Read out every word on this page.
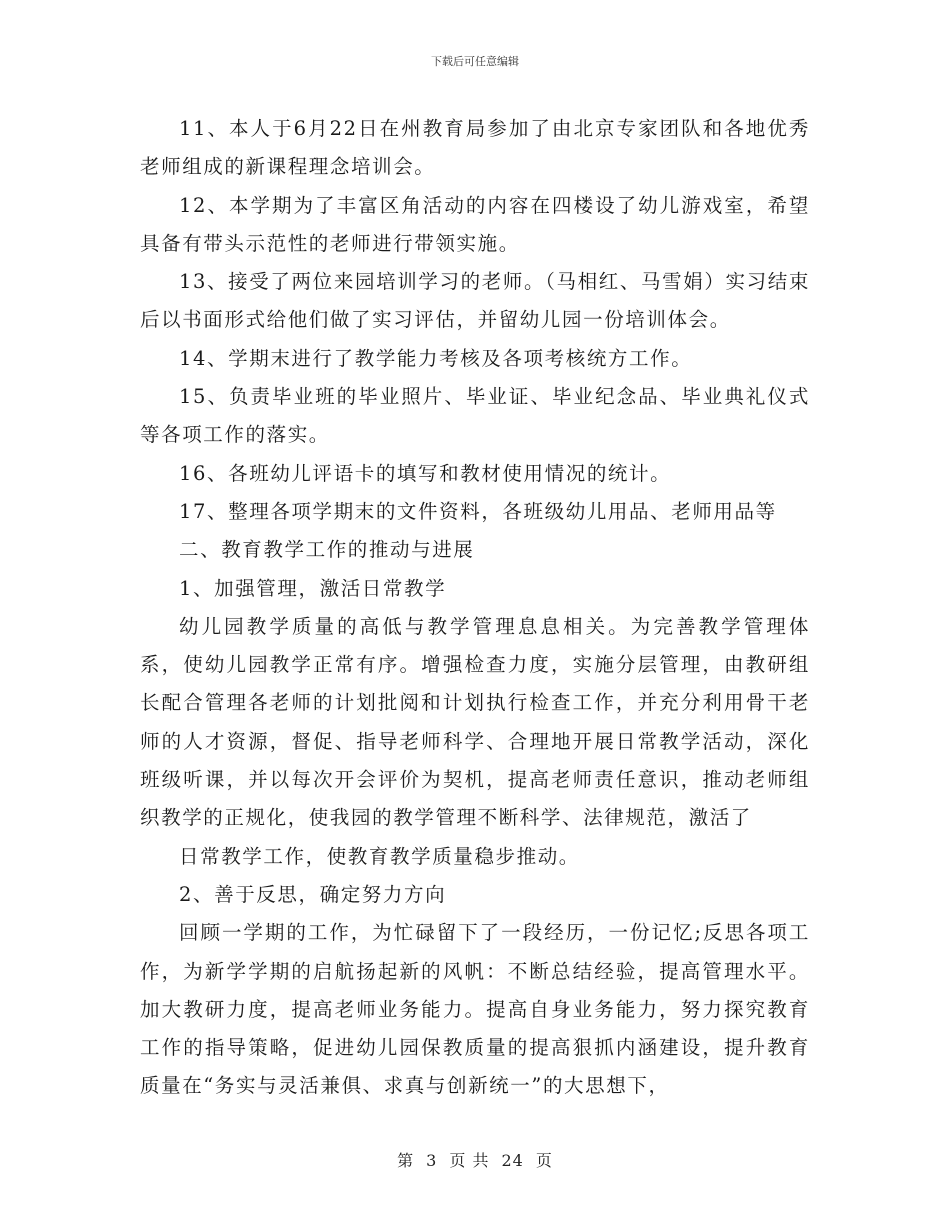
下载后可任意编辑

11、本人于6月22日在州教育局参加了由北京专家团队和各地优秀老师组成的新课程理念培训会。

12、本学期为了丰富区角活动的内容在四楼设了幼儿游戏室，希望具备有带头示范性的老师进行带领实施。

13、接受了两位来园培训学习的老师。（马相红、马雪娟）实习结束后以书面形式给他们做了实习评估，并留幼儿园一份培训体会。

14、学期末进行了教学能力考核及各项考核统方工作。

15、负责毕业班的毕业照片、毕业证、毕业纪念品、毕业典礼仪式等各项工作的落实。

16、各班幼儿评语卡的填写和教材使用情况的统计。

17、整理各项学期末的文件资料，各班级幼儿用品、老师用品等

二、教育教学工作的推动与进展

1、加强管理，激活日常教学

幼儿园教学质量的高低与教学管理息息相关。为完善教学管理体系，使幼儿园教学正常有序。增强检查力度，实施分层管理，由教研组长配合管理各老师的计划批阅和计划执行检查工作，并充分利用骨干老师的人才资源，督促、指导老师科学、合理地开展日常教学活动，深化班级听课，并以每次开会评价为契机，提高老师责任意识，推动老师组织教学的正规化，使我园的教学管理不断科学、法律规范，激活了

日常教学工作，使教育教学质量稳步推动。

2、善于反思，确定努力方向

回顾一学期的工作，为忙碌留下了一段经历，一份记忆;反思各项工作，为新学学期的启航扬起新的风帆：不断总结经验，提高管理水平。加大教研力度，提高老师业务能力。提高自身业务能力，努力探究教育工作的指导策略，促进幼儿园保教质量的提高狠抓内涵建设，提升教育质量在“务实与灵活兼俱、求真与创新统一”的大思想下，

第 3 页 共 24 页
